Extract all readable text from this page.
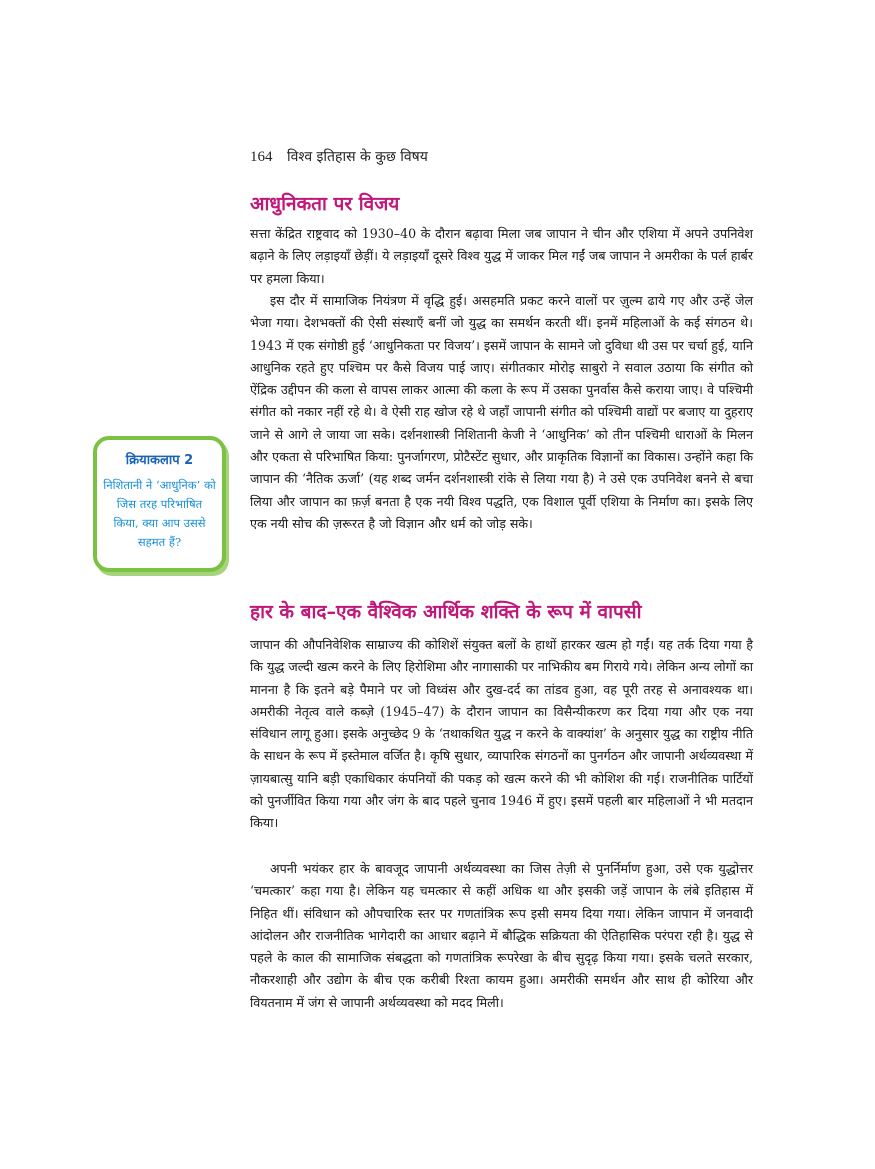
164 विश्व इतिहास के कुछ विषय
आधुनिकता पर विजय

सत्ता केंद्रित राष्ट्रवाद को 1930–40 के दौरान बढ़ावा मिला जब जापान ने चीन और एशिया में अपने उपनिवेश बढ़ाने के लिए लड़ाइयाँ छेड़ीं। ये लड़ाइयाँ दूसरे विश्व युद्ध में जाकर मिल गईं जब जापान ने अमरीका के पर्ल हार्बर पर हमला किया।

इस दौर में सामाजिक नियंत्रण में वृद्धि हुई। असहमति प्रकट करने वालों पर ज़ुल्म ढाये गए और उन्हें जेल भेजा गया। देशभक्तों की ऐसी संस्थाएँ बनीं जो युद्ध का समर्थन करती थीं। इनमें महिलाओं के कई संगठन थे। 1943 में एक संगोष्ठी हुई ‘आधुनिकता पर विजय’। इसमें जापान के सामने जो दुविधा थी उस पर चर्चा हुई, यानि आधुनिक रहते हुए पश्चिम पर कैसे विजय पाई जाए। संगीतकार मोरोइ साबुरो ने सवाल उठाया कि संगीत को ऐंद्रिक उद्दीपन की कला से वापस लाकर आत्मा की कला के रूप में उसका पुनर्वास कैसे कराया जाए। वे पश्चिमी संगीत को नकार नहीं रहे थे। वे ऐसी राह खोज रहे थे जहाँ जापानी संगीत को पश्चिमी वाद्यों पर बजाए या दुहराए जाने से आगे ले जाया जा सके। दर्शनशास्त्री निशितानी केजी ने ‘आधुनिक’ को तीन पश्चिमी धाराओं के मिलन और एकता से परिभाषित किया: पुनर्जागरण, प्रोटैस्टेंट सुधार, और प्राकृतिक विज्ञानों का विकास। उन्होंने कहा कि जापान की ‘नैतिक ऊर्जा’ (यह शब्द जर्मन दर्शनशास्त्री रांके से लिया गया है) ने उसे एक उपनिवेश बनने से बचा लिया और जापान का फ़र्ज़ बनता है एक नयी विश्व पद्धति, एक विशाल पूर्वी एशिया के निर्माण का। इसके लिए एक नयी सोच की ज़रूरत है जो विज्ञान और धर्म को जोड़ सके।

क्रियाकलाप 2
निशितानी ने ‘आधुनिक’ को जिस तरह परिभाषित किया, क्या आप उससे सहमत हैं?
हार के बाद–एक वैश्विक आर्थिक शक्ति के रूप में वापसी

जापान की औपनिवेशिक साम्राज्य की कोशिशें संयुक्त बलों के हाथों हारकर खत्म हो गईं। यह तर्क दिया गया है कि युद्ध जल्दी खत्म करने के लिए हिरोशिमा और नागासाकी पर नाभिकीय बम गिराये गये। लेकिन अन्य लोगों का मानना है कि इतने बड़े पैमाने पर जो विध्वंस और दुख-दर्द का तांडव हुआ, वह पूरी तरह से अनावश्यक था। अमरीकी नेतृत्व वाले कब्ज़े (1945–47) के दौरान जापान का विसैन्यीकरण कर दिया गया और एक नया संविधान लागू हुआ। इसके अनुच्छेद 9 के ‘तथाकथित युद्ध न करने के वाक्यांश’ के अनुसार युद्ध का राष्ट्रीय नीति के साधन के रूप में इस्तेमाल वर्जित है। कृषि सुधार, व्यापारिक संगठनों का पुनर्गठन और जापानी अर्थव्यवस्था में ज़ायबात्सु यानि बड़ी एकाधिकार कंपनियों की पकड़ को खत्म करने की भी कोशिश की गई। राजनीतिक पार्टियों को पुनर्जीवित किया गया और जंग के बाद पहले चुनाव 1946 में हुए। इसमें पहली बार महिलाओं ने भी मतदान किया।

अपनी भयंकर हार के बावजूद जापानी अर्थव्यवस्था का जिस तेज़ी से पुनर्निर्माण हुआ, उसे एक युद्धोत्तर ‘चमत्कार’ कहा गया है। लेकिन यह चमत्कार से कहीं अधिक था और इसकी जड़ें जापान के लंबे इतिहास में निहित थीं। संविधान को औपचारिक स्तर पर गणतांत्रिक रूप इसी समय दिया गया। लेकिन जापान में जनवादी आंदोलन और राजनीतिक भागेदारी का आधार बढ़ाने में बौद्धिक सक्रियता की ऐतिहासिक परंपरा रही है। युद्ध से पहले के काल की सामाजिक संबद्धता को गणतांत्रिक रूपरेखा के बीच सुदृढ़ किया गया। इसके चलते सरकार, नौकरशाही और उद्योग के बीच एक करीबी रिश्ता कायम हुआ। अमरीकी समर्थन और साथ ही कोरिया और वियतनाम में जंग से जापानी अर्थव्यवस्था को मदद मिली।
